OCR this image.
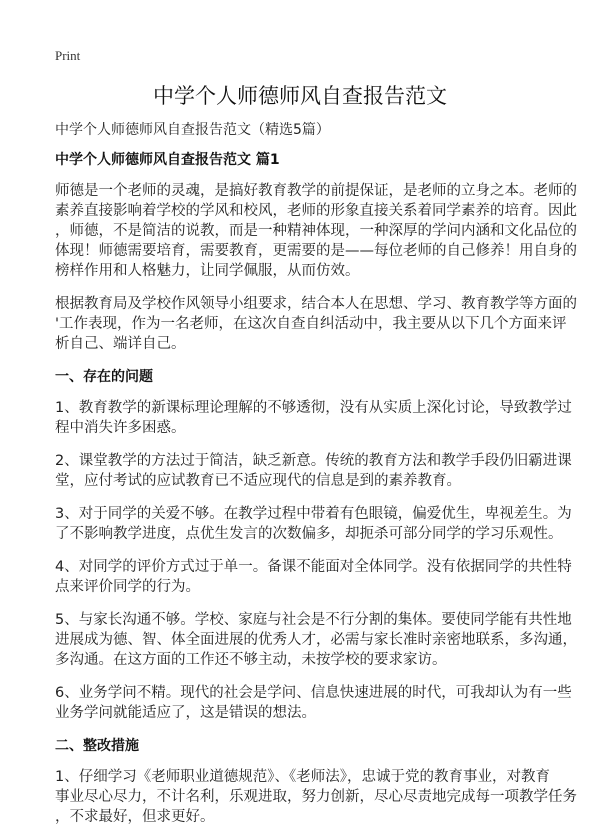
Print
中学个人师德师风自查报告范文
中学个人师德师风自查报告范文（精选5篇）
中学个人师德师风自查报告范文 篇1
师德是一个老师的灵魂，是搞好教育教学的前提保证，是老师的立身之本。老师的
素养直接影响着学校的学风和校风，老师的形象直接关系着同学素养的培育。因此
，师德，不是简洁的说教，而是一种精神体现，一种深厚的学问内涵和文化品位的
体现！师德需要培育，需要教育，更需要的是——每位老师的自己修养！用自身的
榜样作用和人格魅力，让同学佩服，从而仿效。
根据教育局及学校作风领导小组要求，结合本人在思想、学习、教育教学等方面的
'工作表现，作为一名老师，在这次自查自纠活动中，我主要从以下几个方面来评
析自己、端详自己。
一、存在的问题
1、教育教学的新课标理论理解的不够透彻，没有从实质上深化讨论，导致教学过
程中消失许多困惑。
2、课堂教学的方法过于简洁，缺乏新意。传统的教育方法和教学手段仍旧霸进课
堂，应付考试的应试教育已不适应现代的信息是到的素养教育。
3、对于同学的关爱不够。在教学过程中带着有色眼镜，偏爱优生，卑视差生。为
了不影响教学进度，点优生发言的次数偏多，却扼杀可部分同学的学习乐观性。
4、对同学的评价方式过于单一。备课不能面对全体同学。没有依据同学的共性特
点来评价同学的行为。
5、与家长沟通不够。学校、家庭与社会是不行分割的集体。要使同学能有共性地
进展成为德、智、体全面进展的优秀人才，必需与家长准时亲密地联系，多沟通，
多沟通。在这方面的工作还不够主动，未按学校的要求家访。
6、业务学问不精。现代的社会是学问、信息快速进展的时代，可我却认为有一些
业务学问就能适应了，这是错误的想法。
二、整改措施
1、仔细学习《老师职业道德规范》、《老师法》，忠诚于党的教育事业，对教育
事业尽心尽力，不计名利，乐观进取，努力创新，尽心尽责地完成每一项教学任务
，不求最好，但求更好。
